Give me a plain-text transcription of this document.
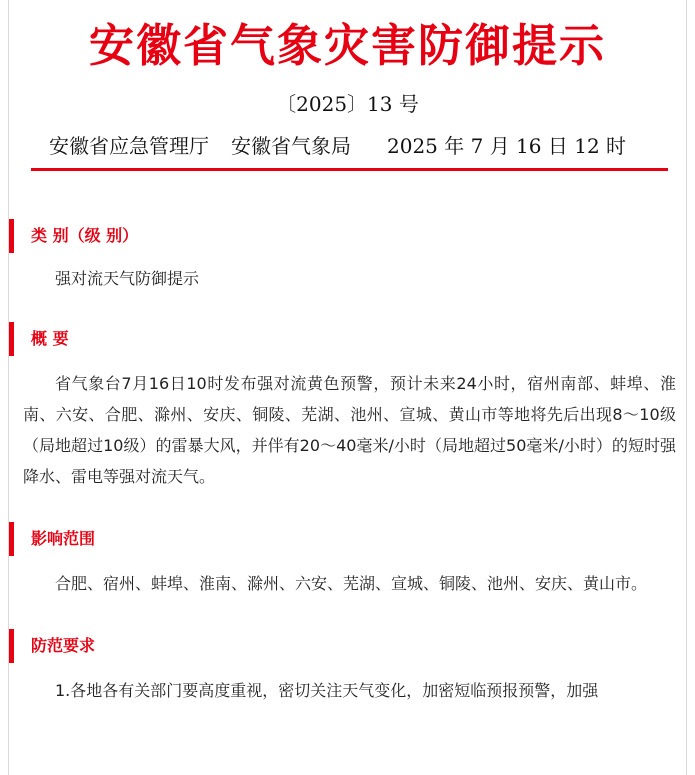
安徽省气象灾害防御提示
〔2025〕13 号
安徽省应急管理厅 安徽省气象局 2025 年 7 月 16 日 12 时
类 别（级 别）
强对流天气防御提示
概 要
省气象台7月16日10时发布强对流黄色预警，预计未来24小时，宿州南部、蚌埠、淮南、六安、合肥、滁州、安庆、铜陵、芜湖、池州、宣城、黄山市等地将先后出现8～10级（局地超过10级）的雷暴大风，并伴有20～40毫米/小时（局地超过50毫米/小时）的短时强降水、雷电等强对流天气。
影响范围
合肥、宿州、蚌埠、淮南、滁州、六安、芜湖、宣城、铜陵、池州、安庆、黄山市。
防范要求
1.各地各有关部门要高度重视，密切关注天气变化，加密短临预报预警，加强
